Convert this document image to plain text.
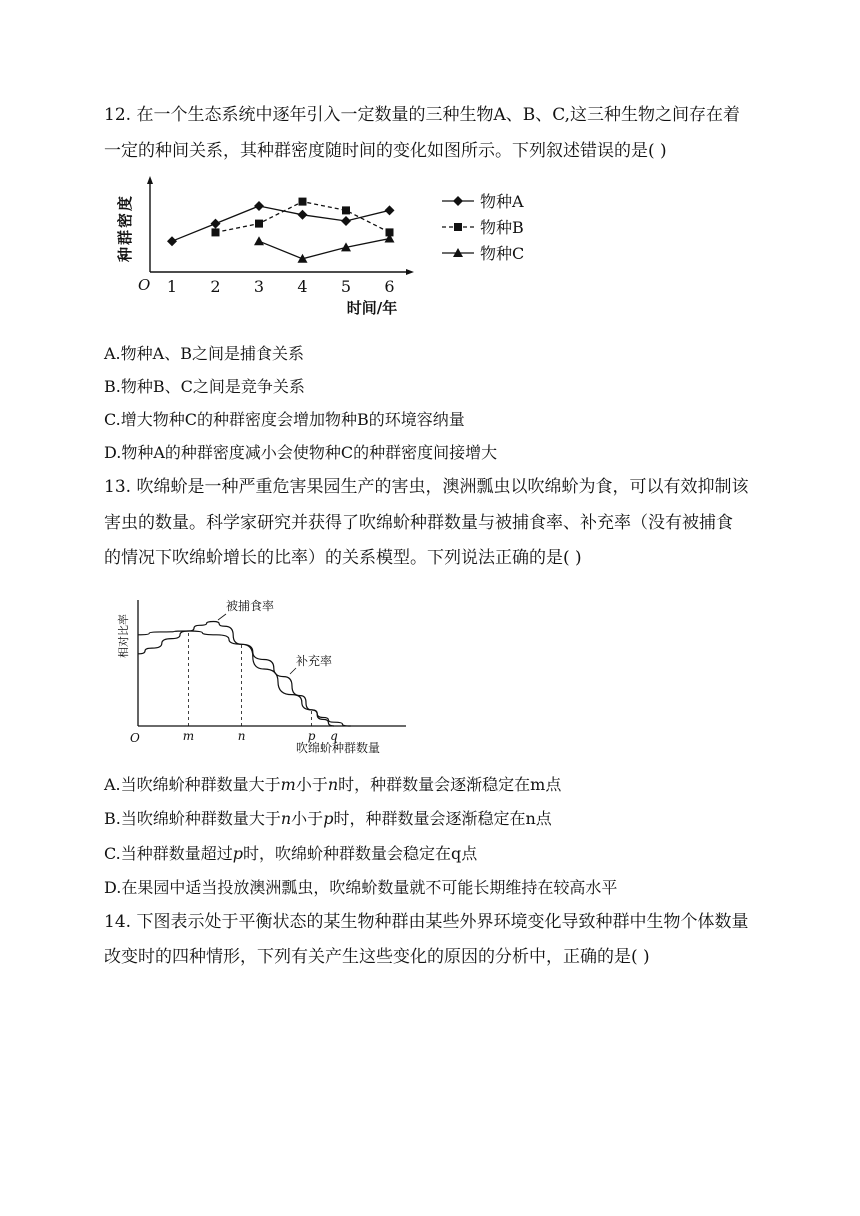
12. 在一个生态系统中逐年引入一定数量的三种生物A、B、C,这三种生物之间存在着
一定的种间关系，其种群密度随时间的变化如图所示。下列叙述错误的是( )
种群密度
O 1 2 3 4 5 6
时间/年
物种A
物种B
物种C
A.物种A、B之间是捕食关系
B.物种B、C之间是竞争关系
C.增大物种C的种群密度会增加物种B的环境容纳量
D.物种A的种群密度减小会使物种C的种群密度间接增大
13. 吹绵蚧是一种严重危害果园生产的害虫，澳洲瓢虫以吹绵蚧为食，可以有效抑制该
害虫的数量。科学家研究并获得了吹绵蚧种群数量与被捕食率、补充率（没有被捕食
的情况下吹绵蚧增长的比率）的关系模型。下列说法正确的是( )
相对比率
O	m	n	p q
吹绵蚧种群数量
被捕食率
补充率
A.当吹绵蚧种群数量大于m小于n时，种群数量会逐渐稳定在m点
B.当吹绵蚧种群数量大于n小于p时，种群数量会逐渐稳定在n点
C.当种群数量超过p时，吹绵蚧种群数量会稳定在q点
D.在果园中适当投放澳洲瓢虫，吹绵蚧数量就不可能长期维持在较高水平
14. 下图表示处于平衡状态的某生物种群由某些外界环境变化导致种群中生物个体数量
改变时的四种情形，下列有关产生这些变化的原因的分析中，正确的是( )
